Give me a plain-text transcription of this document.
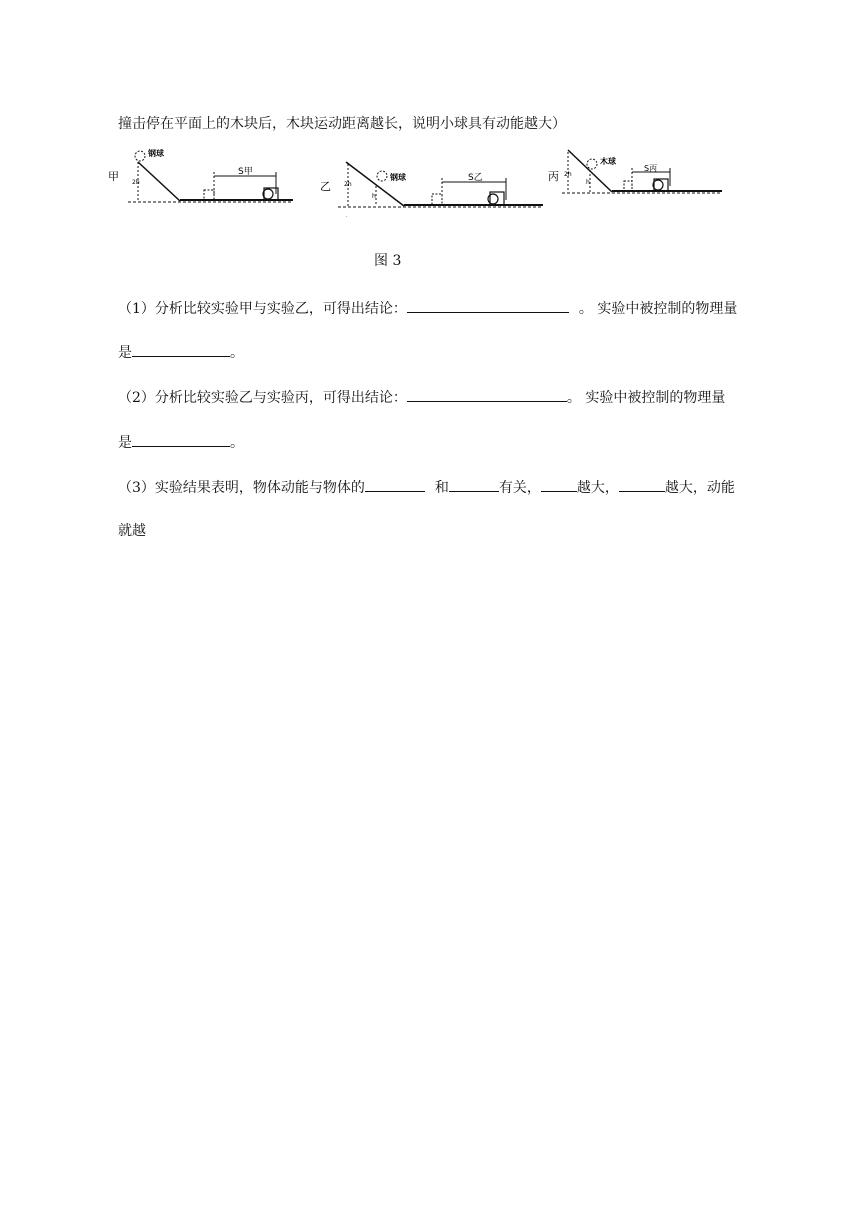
撞击停在平面上的木块后，木块运动距离越长，说明小球具有动能越大）
甲 2h
钢球
S甲
乙 2h
h
钢球	S乙
·
丙 2h
h
木球
S丙
图 3
（1）分析比较实验甲与实验乙，可得出结论：	。 实验中被控制的物理量
是	。
（2）分析比较实验乙与实验丙，可得出结论：	。 实验中被控制的物理量
是	。
（3）实验结果表明，物体动能与物体的	和	有关，	越大，	越大，动能
就越
